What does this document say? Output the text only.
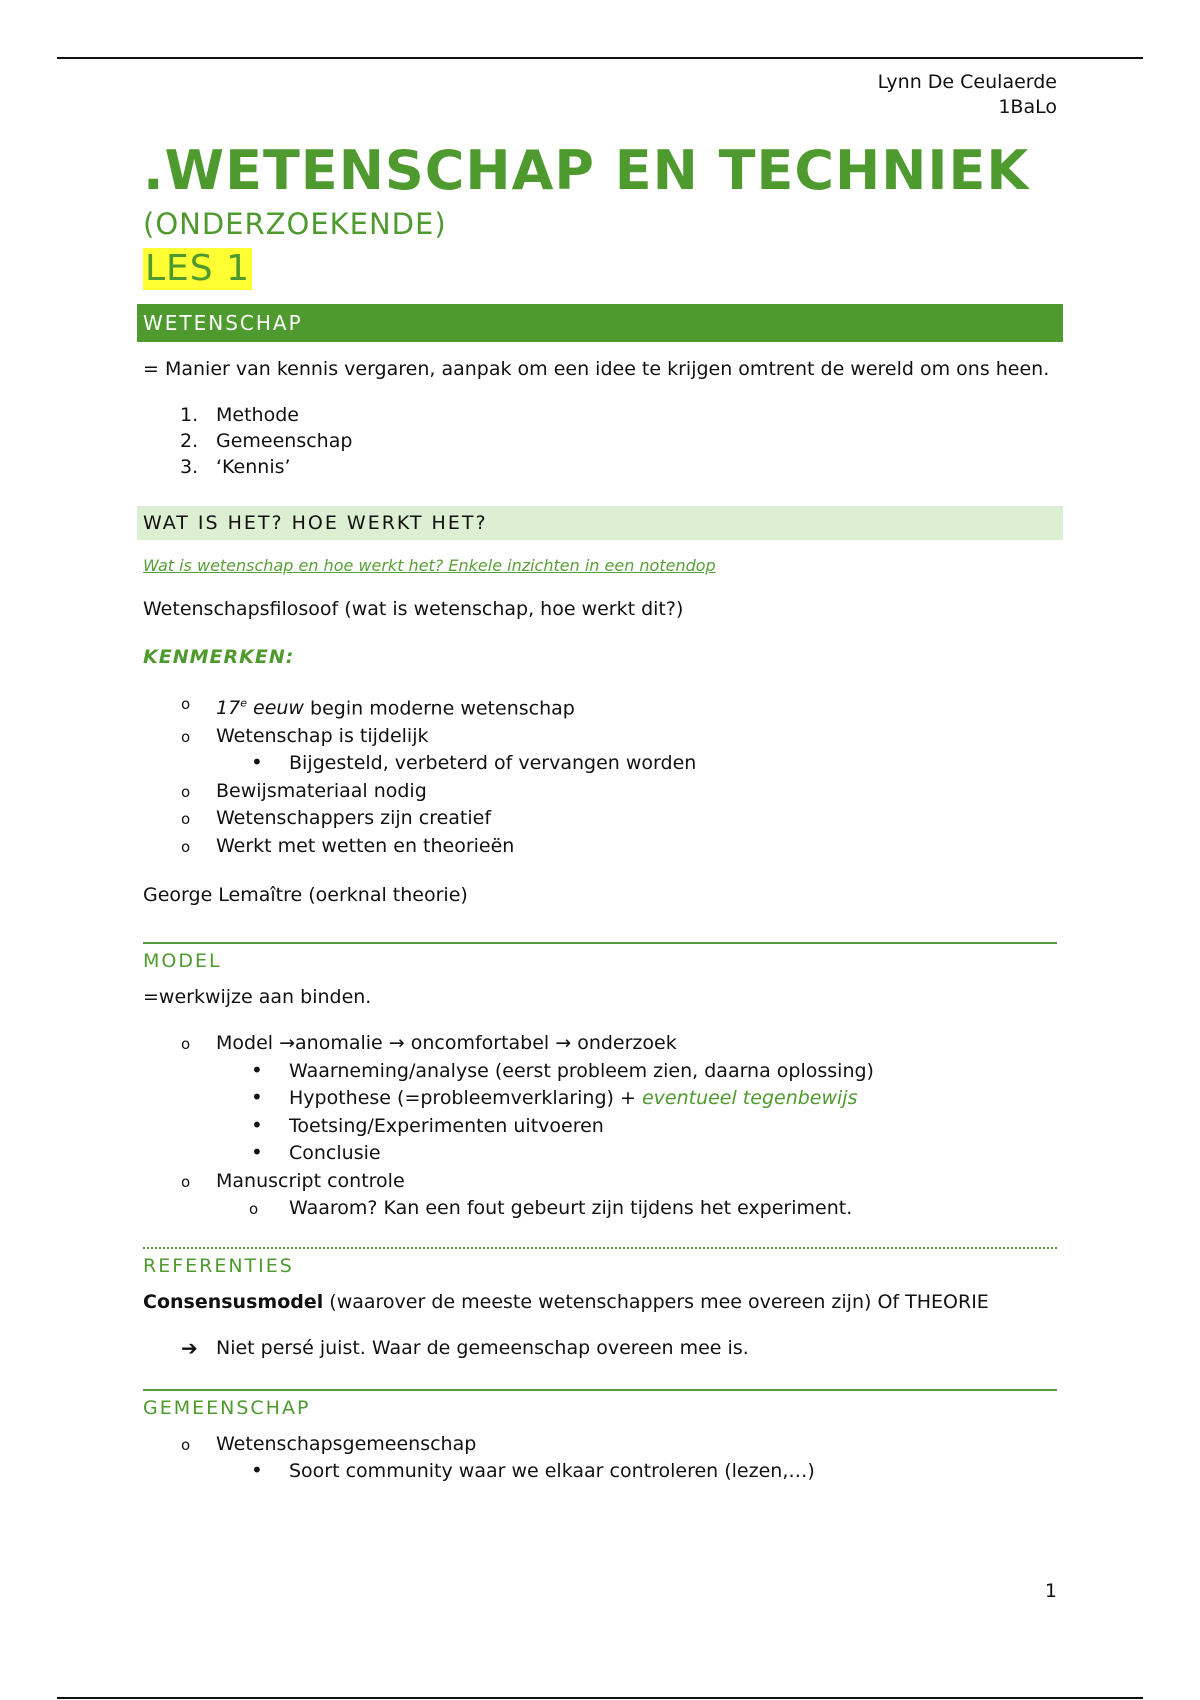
Lynn De Ceulaerde
1BaLo
.WETENSCHAP EN TECHNIEK
(ONDERZOEKENDE)
LES 1
WETENSCHAP

= Manier van kennis vergaren, aanpak om een idee te krijgen omtrent de wereld om ons heen.

1. Methode
2. Gemeenschap
3. ‘Kennis’
WAT IS HET? HOE WERKT HET?
Wat is wetenschap en hoe werkt het? Enkele inzichten in een notendop

Wetenschapsfilosoof (wat is wetenschap, hoe werkt dit?)

KENMERKEN:
o 17e eeuw begin moderne wetenschap
o Wetenschap is tijdelijk
• Bijgesteld, verbeterd of vervangen worden
o Bewijsmateriaal nodig
o Wetenschappers zijn creatief
o Werkt met wetten en theorieën

George Lemaître (oerknal theorie)

MODEL

=werkwijze aan binden.

o Model →anomalie → oncomfortabel → onderzoek
• Waarneming/analyse (eerst probleem zien, daarna oplossing)
• Hypothese (=probleemverklaring) + eventueel tegenbewijs
• Toetsing/Experimenten uitvoeren
• Conclusie
o Manuscript controle
o Waarom? Kan een fout gebeurt zijn tijdens het experiment.
REFERENTIES

Consensusmodel (waarover de meeste wetenschappers mee overeen zijn) Of THEORIE

➔ Niet persé juist. Waar de gemeenschap overeen mee is.
GEMEENSCHAP
o Wetenschapsgemeenschap
• Soort community waar we elkaar controleren (lezen,…)
1
